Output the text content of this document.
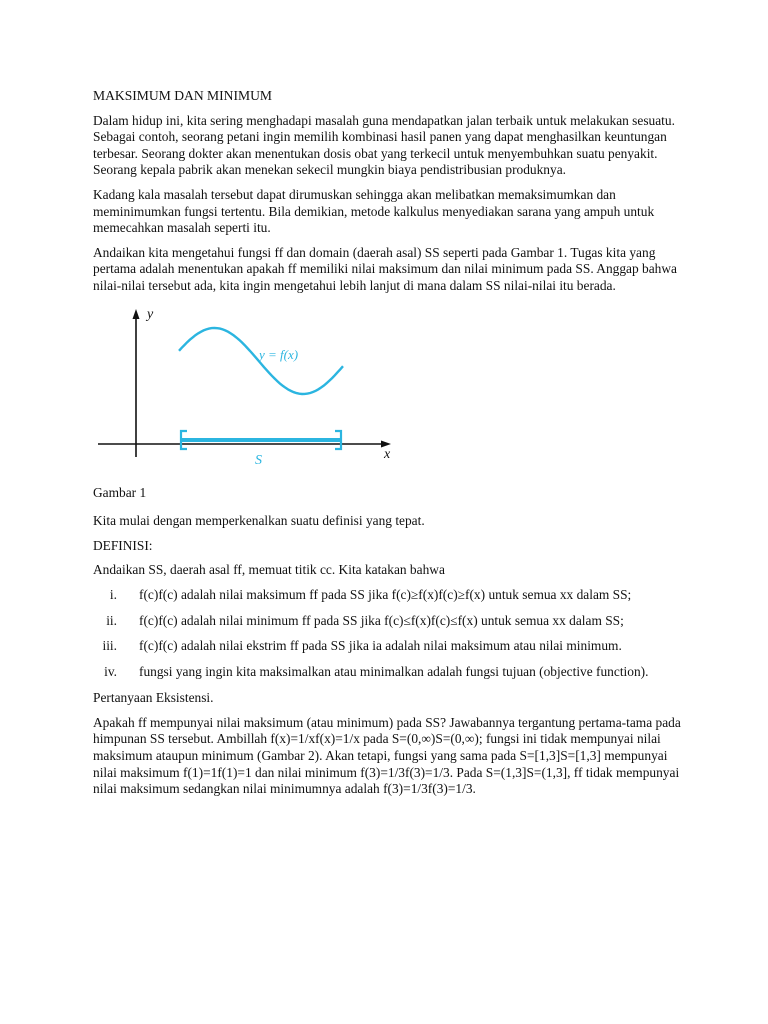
MAKSIMUM DAN MINIMUM

Dalam hidup ini, kita sering menghadapi masalah guna mendapatkan jalan terbaik untuk melakukan sesuatu. Sebagai contoh, seorang petani ingin memilih kombinasi hasil panen yang dapat menghasilkan keuntungan terbesar. Seorang dokter akan menentukan dosis obat yang terkecil untuk menyembuhkan suatu penyakit. Seorang kepala pabrik akan menekan sekecil mungkin biaya pendistribusian produknya.

Kadang kala masalah tersebut dapat dirumuskan sehingga akan melibatkan memaksimumkan dan meminimumkan fungsi tertentu. Bila demikian, metode kalkulus menyediakan sarana yang ampuh untuk memecahkan masalah seperti itu.

Andaikan kita mengetahui fungsi ff dan domain (daerah asal) SS seperti pada Gambar 1. Tugas kita yang pertama adalah menentukan apakah ff memiliki nilai maksimum dan nilai minimum pada SS. Anggap bahwa nilai-nilai tersebut ada, kita ingin mengetahui lebih lanjut di mana dalam SS nilai-nilai itu berada.

y
x
y = f(x)
S

Gambar 1

Kita mulai dengan memperkenalkan suatu definisi yang tepat.

DEFINISI:

Andaikan SS, daerah asal ff, memuat titik cc. Kita katakan bahwa

i. f(c)f(c) adalah nilai maksimum ff pada SS jika f(c)≥f(x)f(c)≥f(x) untuk semua xx dalam SS;
ii. f(c)f(c) adalah nilai minimum ff pada SS jika f(c)≤f(x)f(c)≤f(x) untuk semua xx dalam SS;
iii. f(c)f(c) adalah nilai ekstrim ff pada SS jika ia adalah nilai maksimum atau nilai minimum.
iv. fungsi yang ingin kita maksimalkan atau minimalkan adalah fungsi tujuan (objective function).

Pertanyaan Eksistensi.

Apakah ff mempunyai nilai maksimum (atau minimum) pada SS? Jawabannya tergantung pertama-tama pada himpunan SS tersebut. Ambillah f(x)=1/xf(x)=1/x pada S=(0,∞)S=(0,∞); fungsi ini tidak mempunyai nilai maksimum ataupun minimum (Gambar 2). Akan tetapi, fungsi yang sama pada S=[1,3]S=[1,3] mempunyai nilai maksimum f(1)=1f(1)=1 dan nilai minimum f(3)=1/3f(3)=1/3. Pada S=(1,3]S=(1,3], ff tidak mempunyai nilai maksimum sedangkan nilai minimumnya adalah f(3)=1/3f(3)=1/3.
